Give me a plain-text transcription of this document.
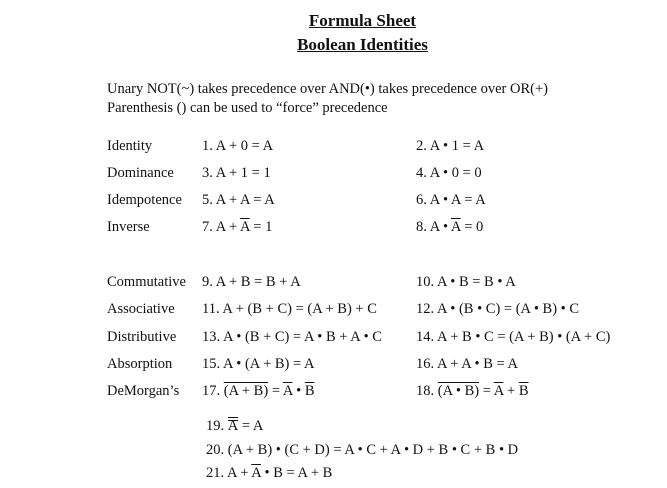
Formula Sheet
Boolean Identities
Unary NOT(~) takes precedence over AND(•) takes precedence over OR(+)
Parenthesis () can be used to “force” precedence
Identity	1. A + 0 = A	2. A • 1 = A
Dominance 3. A + 1 = 1	4. A • 0 = 0
Idempotence 5. A + A = A	6. A • A = A
Inverse	7. $A + \overline{A} = 1$	8. A • $\overline{A} = 0$
Commutative 9. A + B = B + A	10. A • B = B • A
Associative 11. A + (B + C) = (A + B) + C	12. A • (B • C) = (A • B) • C
Distributive 13. A • (B + C) = A • B + A • C 14. A + B • C = (A + B) • (A + C)
Absorption 15. A • (A + B) = A	16. A + A • B = A
DeMorgan’s 17. $(A + B) = \overline{A}$ • $\overline{B}$	18. (A • $B) = \overline{A} + \overline{B}$
19. A = A
20. (A + B) • (C + D) = A • C + A • D + B • C + B • D
21. $A + \overline{A}$ • B = A + B
